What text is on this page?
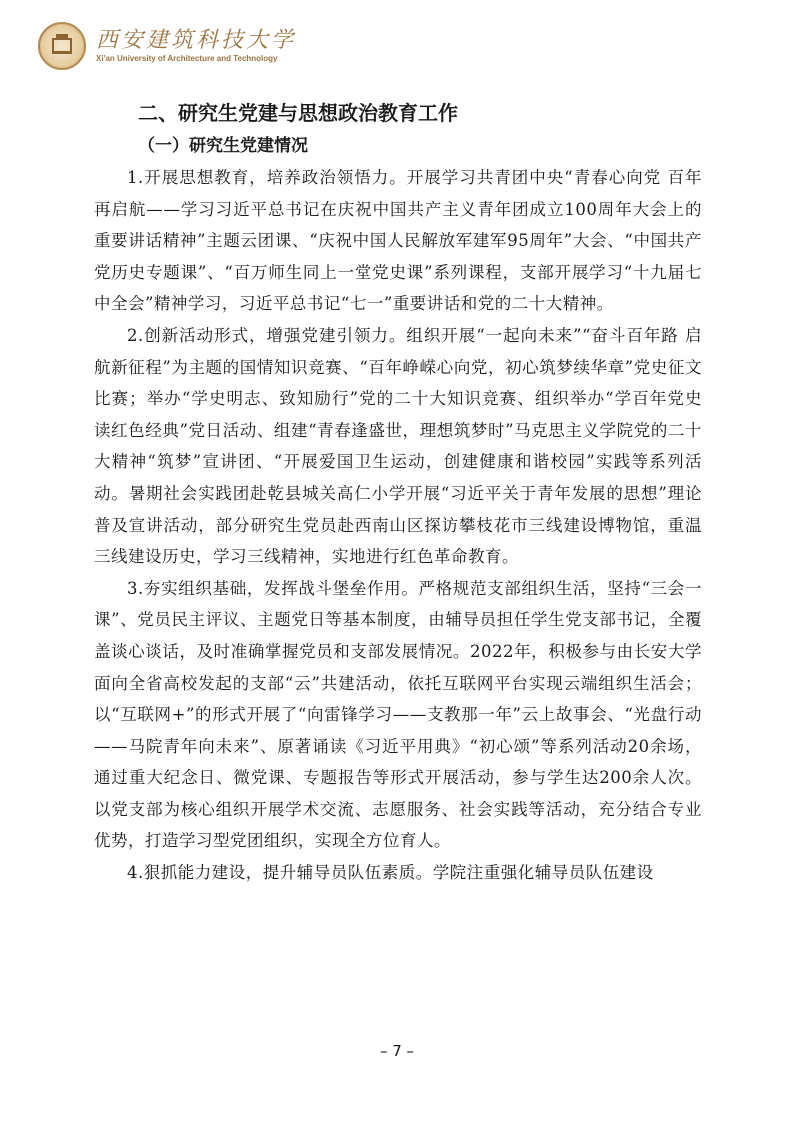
西安建筑科技大学
Xi'an University of Architecture and Technology
二、研究生党建与思想政治教育工作
（一）研究生党建情况

1.开展思想教育，培养政治领悟力。开展学习共青团中央“青春心向党 百年再启航——学习习近平总书记在庆祝中国共产主义青年团成立100周年大会上的重要讲话精神”主题云团课、“庆祝中国人民解放军建军95周年”大会、“中国共产党历史专题课”、“百万师生同上一堂党史课”系列课程，支部开展学习“十九届七中全会”精神学习，习近平总书记“七一”重要讲话和党的二十大精神。

2.创新活动形式，增强党建引领力。组织开展“一起向未来”“奋斗百年路 启航新征程”为主题的国情知识竞赛、“百年峥嵘心向党，初心筑梦续华章”党史征文比赛；举办“学史明志、致知励行”党的二十大知识竞赛、组织举办“学百年党史 读红色经典”党日活动、组建“青春逢盛世，理想筑梦时”马克思主义学院党的二十大精神“筑梦”宣讲团、“开展爱国卫生运动，创建健康和谐校园”实践等系列活动。暑期社会实践团赴乾县城关高仁小学开展“习近平关于青年发展的思想”理论普及宣讲活动，部分研究生党员赴西南山区探访攀枝花市三线建设博物馆，重温三线建设历史，学习三线精神，实地进行红色革命教育。

3.夯实组织基础，发挥战斗堡垒作用。严格规范支部组织生活，坚持“三会一课”、党员民主评议、主题党日等基本制度，由辅导员担任学生党支部书记，全覆盖谈心谈话，及时准确掌握党员和支部发展情况。2022年，积极参与由长安大学面向全省高校发起的支部“云”共建活动，依托互联网平台实现云端组织生活会；以“互联网+”的形式开展了“向雷锋学习——支教那一年”云上故事会、“光盘行动——马院青年向未来”、原著诵读《习近平用典》“初心颂”等系列活动20余场，通过重大纪念日、微党课、专题报告等形式开展活动，参与学生达200余人次。以党支部为核心组织开展学术交流、志愿服务、社会实践等活动，充分结合专业优势，打造学习型党团组织，实现全方位育人。

4.狠抓能力建设，提升辅导员队伍素质。学院注重强化辅导员队伍建设

– 7 –
